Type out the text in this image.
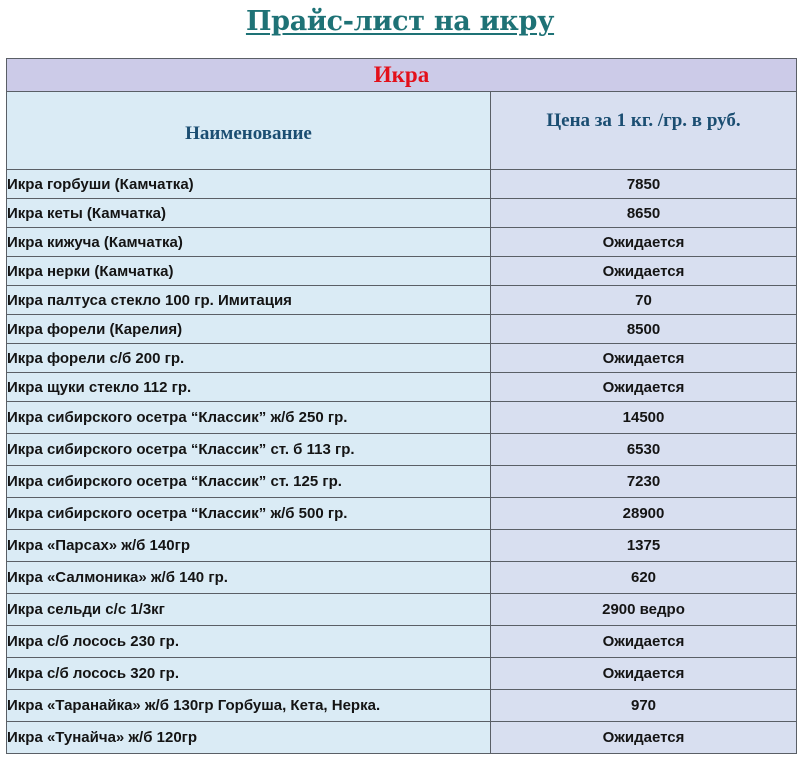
Прайс-лист на икру
Икра	
Наименование	Цена за 1 кг. /гр. в руб.
Икра горбуши (Камчатка)	7850
Икра кеты (Камчатка)	8650
Икра кижуча (Камчатка)	Ожидается
Икра нерки (Камчатка)	Ожидается
Икра палтуса стекло 100 гр. Имитация	70
Икра форели (Карелия)	8500
Икра форели с/б 200 гр.	Ожидается
Икра щуки стекло 112 гр.	Ожидается
Икра сибирского осетра “Классик” ж/б 250 гр.	14500
Икра сибирского осетра “Классик” ст. б 113 гр.	6530
Икра сибирского осетра “Классик” ст. 125 гр.	7230
Икра сибирского осетра “Классик” ж/б 500 гр.	28900
Икра «Парсах» ж/б 140гр	1375
Икра «Салмоника» ж/б 140 гр.	620
Икра сельди с/с 1/3кг	2900 ведро
Икра с/б лосось 230 гр.	Ожидается
Икра с/б лосось 320 гр.	Ожидается
Икра «Таранайка» ж/б 130гр Горбуша, Кета, Нерка.	970
Икра «Тунайча» ж/б 120гр	Ожидается
